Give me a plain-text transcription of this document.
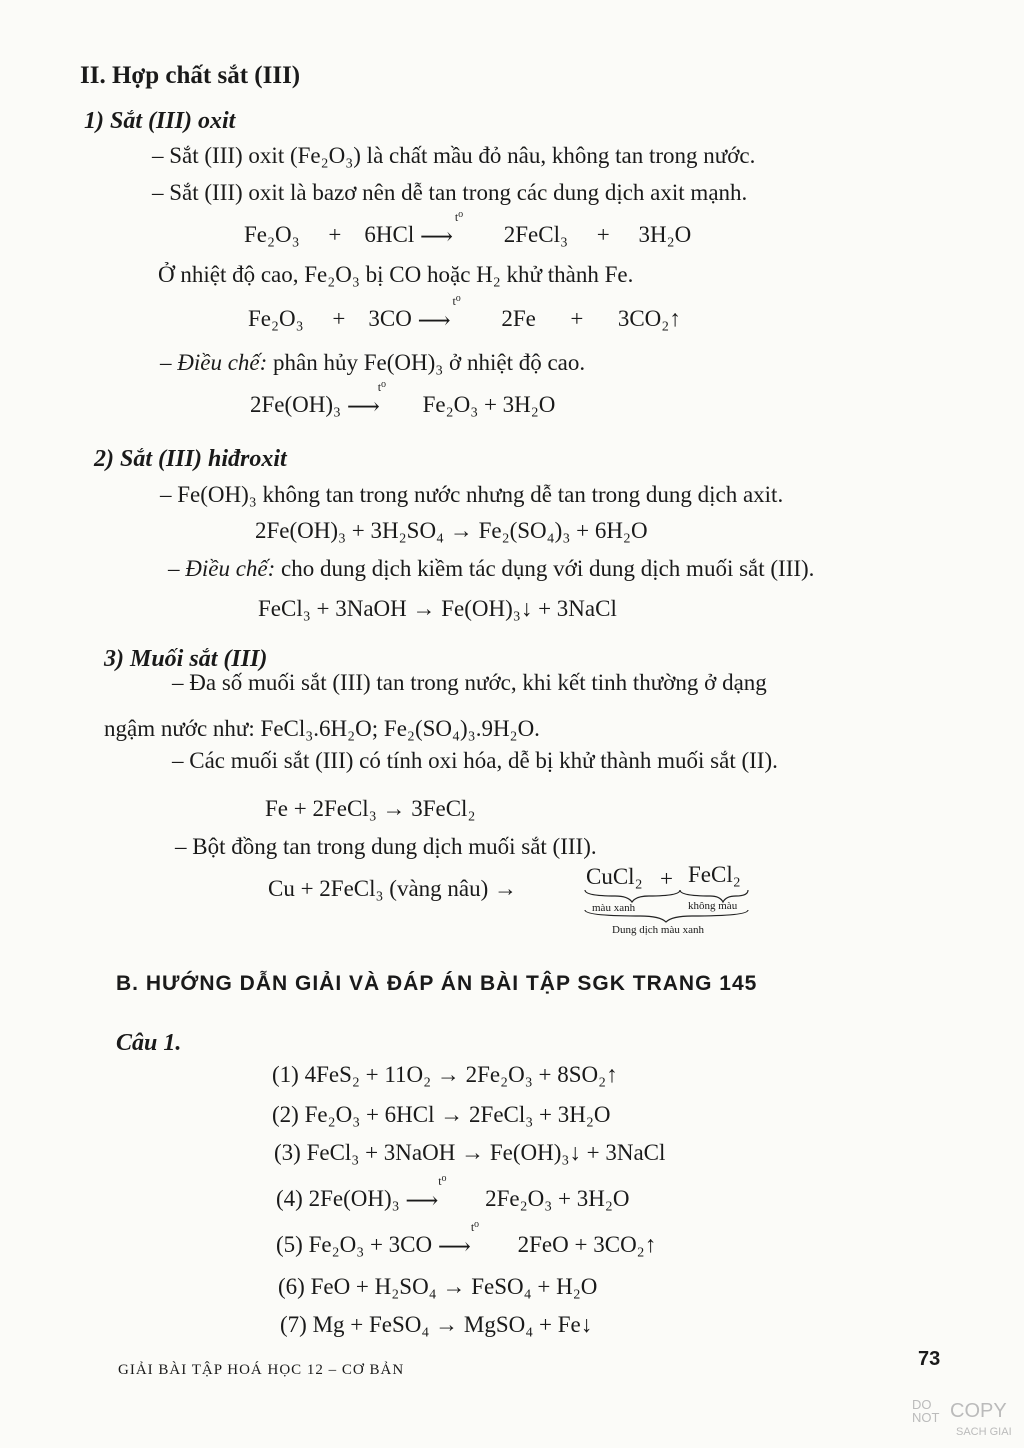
II. Hợp chất sắt (III)
1) Sắt (III) oxit
– Sắt (III) oxit (Fe₂O₃) là chất mầu đỏ nâu, không tan trong nước.
– Sắt (III) oxit là bazơ nên dễ tan trong các dung dịch axit mạnh.
Fe₂O₃ + 6HCl
t⁰
⟶ 2FeCl₃ + 3H₂O
Ở nhiệt độ cao, Fe₂O₃ bị CO hoặc H₂ khử thành Fe.
Fe₂O₃ + 3CO
t⁰
⟶ 2Fe + 3CO₂↑
– Điều chế: phân hủy Fe(OH)₃ ở nhiệt độ cao.
2Fe(OH)₃
t⁰
⟶ Fe₂O₃ + 3H₂O
2) Sắt (III) hiđroxit
– Fe(OH)₃ không tan trong nước nhưng dễ tan trong dung dịch axit.
2Fe(OH)₃ + 3H₂SO₄ → Fe₂(SO₄)₃ + 6H₂O
– Điều chế: cho dung dịch kiềm tác dụng với dung dịch muối sắt (III).
FeCl₃ + 3NaOH → Fe(OH)₃↓ + 3NaCl
3) Muối sắt (III)
– Đa số muối sắt (III) tan trong nước, khi kết tinh thường ở dạng
ngậm nước như: FeCl₃.6H₂O; Fe₂(SO₄)₃.9H₂O.
– Các muối sắt (III) có tính oxi hóa, dễ bị khử thành muối sắt (II).
Fe + 2FeCl₃ → 3FeCl₂
– Bột đồng tan trong dung dịch muối sắt (III).
Cu + 2FeCl₃ (vàng nâu) →	CuCl₂ + FeCl₂
màu xanh	không màu
Dung dịch màu xanh
B. HƯỚNG DẪN GIẢI VÀ ĐÁP ÁN BÀI TẬP SGK TRANG 145
Câu 1.
(1) 4FeS₂ + 11O₂ → 2Fe₂O₃ + 8SO₂↑
(2) Fe₂O₃ + 6HCl → 2FeCl₃ + 3H₂O
(3) FeCl₃ + 3NaOH → Fe(OH)₃↓ + 3NaCl
(4) 2Fe(OH)₃
t⁰
⟶ 2Fe₂O₃ + 3H₂O
(5) Fe₂O₃ + 3CO
t⁰
⟶ 2FeO + 3CO₂↑
(6) FeO + H₂SO₄ → FeSO₄ + H₂O
(7) Mg + FeSO₄ → MgSO₄ + Fe↓
GIẢI BÀI TẬP HOÁ HỌC 12 – CƠ BẢN	73
DO
NOT COPY
SACH GIAI
